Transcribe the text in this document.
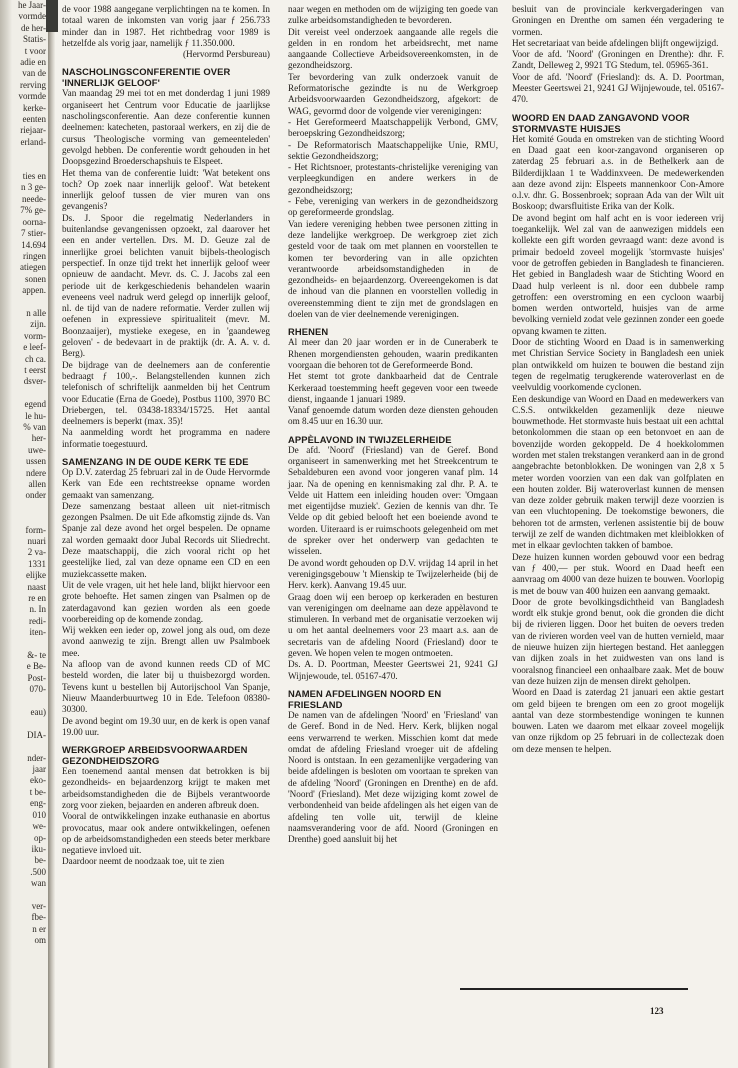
he Jaar-
vormde
de her-
Statis-
t voor
adie en
van de
rerving
vormde
kerke-
eenten
riejaar-
erland-
ties en
n 3 ge-
neede-
7% ge-
oorna-
7 stier-
14.694
ringen
atiegen
sonen
appen.
n alle
zijn.
vorm-
e leef-
ch ca.
t eerst
dsver-
egend
le hu-
% van
her-
uwe-
ussen
ndere
allen
onder
form-
nuari
2 va-
1331
elijke
naast
re en
n. In
redi-
iten-
&- te
e Be-
Post-
070-
eau)
DIA-
nder-
jaar
eko-
t be-
eng-
010
we-
op-
iku-
be-
.500
wan
ver-
fbe-
n er
om

de voor 1988 aangegane verplichtingen na te komen. In totaal waren de inkomsten van vorig jaar ƒ 256.733 minder dan in 1987. Het richtbedrag voor 1989 is hetzelfde als vorig jaar, namelijk ƒ 11.350.000.

(Hervormd Persbureau)

NASCHOLINGSCONFERENTIE OVER 'INNERLIJK GELOOF'

Van maandag 29 mei tot en met donderdag 1 juni 1989 organiseert het Centrum voor Educatie de jaarlijkse nascholingsconferentie. Aan deze conferentie kunnen deelnemen: katecheten, pastoraal werkers, en zij die de cursus 'Theologische vorming van gemeenteleden' gevolgd hebben. De conferentie wordt gehouden in het Doopsgezind Broederschapshuis te Elspeet.

Het thema van de conferentie luidt: 'Wat betekent ons toch? Op zoek naar innerlijk geloof'. Wat betekent innerlijk geloof tussen de vier muren van ons gevangenis?

Ds. J. Spoor die regelmatig Nederlanders in buitenlandse gevangenissen opzoekt, zal daarover het een en ander vertellen. Drs. M. D. Geuze zal de innerlijke groei belichten vanuit bijbels-theologisch perspectief. In onze tijd trekt het innerlijk geloof weer opnieuw de aandacht. Mevr. ds. C. J. Jacobs zal een periode uit de kerkgeschiedenis behandelen waarin eveneens veel nadruk werd gelegd op innerlijk geloof, nl. de tijd van de nadere reformatie. Verder zullen wij oefenen in expressieve spiritualiteit (mevr. M. Boonzaaijer), mystieke exegese, en in 'gaandeweg geloven' - de bedevaart in de praktijk (dr. A. A. v. d. Berg).

De bijdrage van de deelnemers aan de conferentie bedraagt ƒ 100,-. Belangstellenden kunnen zich telefonisch of schriftelijk aanmelden bij het Centrum voor Educatie (Erna de Goede), Postbus 1100, 3970 BC Driebergen, tel. 03438-18334/15725. Het aantal deelnemers is beperkt (max. 35)!

Na aanmelding wordt het programma en nadere informatie toegestuurd.

SAMENZANG IN DE OUDE KERK TE EDE

Op D.V. zaterdag 25 februari zal in de Oude Hervormde Kerk van Ede een rechtstreekse opname worden gemaakt van samenzang.

Deze samenzang bestaat alleen uit niet-ritmisch gezongen Psalmen. De uit Ede afkomstig zijnde ds. Van Spanje zal deze avond het orgel bespelen. De opname zal worden gemaakt door Jubal Records uit Sliedrecht. Deze maatschappij, die zich vooral richt op het geestelijke lied, zal van deze opname een CD en een muziekcassette maken.

Uit de vele vragen, uit het hele land, blijkt hiervoor een grote behoefte. Het samen zingen van Psalmen op de zaterdagavond kan gezien worden als een goede voorbereiding op de komende zondag.

Wij wekken een ieder op, zowel jong als oud, om deze avond aanwezig te zijn. Brengt allen uw Psalmboek mee.

Na afloop van de avond kunnen reeds CD of MC besteld worden, die later bij u thuisbezorgd worden. Tevens kunt u bestellen bij Autorijschool Van Spanje, Nieuw Maanderbuurtweg 10 in Ede. Telefoon 08380-30300.

De avond begint om 19.30 uur, en de kerk is open vanaf 19.00 uur.

WERKGROEP ARBEIDSVOORWAARDEN GEZONDHEIDSZORG

Een toenemend aantal mensen dat betrokken is bij gezondheids- en bejaardenzorg krijgt te maken met arbeidsomstandigheden die de Bijbels verantwoorde zorg voor zieken, bejaarden en anderen afbreuk doen.

Vooral de ontwikkelingen inzake euthanasie en abortus provocatus, maar ook andere ontwikkelingen, oefenen op de arbeidsomstandigheden een steeds beter merkbare negatieve invloed uit.

Daardoor neemt de noodzaak toe, uit te zien

naar wegen en methoden om de wijziging ten goede van zulke arbeidsomstandigheden te bevorderen.

Dit vereist veel onderzoek aangaande alle regels die gelden in en rondom het arbeidsrecht, met name aangaande Collectieve Arbeidsovereenkomsten, in de gezondheidszorg.

Ter bevordering van zulk onderzoek vanuit de Reformatorische gezindte is nu de Werkgroep Arbeidsvoorwaarden Gezondheidszorg, afgekort: de WAG, gevormd door de volgende vier verenigingen:

- Het Gereformeerd Maatschappelijk Verbond, GMV, beroepskring Gezondheidszorg;

- De Reformatorisch Maatschappelijke Unie, RMU, sektie Gezondheidszorg;

- Het Richtsnoer, protestants-christelijke vereniging van verpleegkundigen en andere werkers in de gezondheidszorg;

- Febe, vereniging van werkers in de gezondheidszorg op gereformeerde grondslag.

Van iedere vereniging hebben twee personen zitting in deze landelijke werkgroep. De werkgroep ziet zich gesteld voor de taak om met plannen en voorstellen te komen ter bevordering van in alle opzichten verantwoorde arbeidsomstandigheden in de gezondheids- en bejaardenzorg. Overeengekomen is dat de inhoud van die plannen en voorstellen volledig in overeenstemming dient te zijn met de grondslagen en doelen van de vier deelnemende verenigingen.

RHENEN

Al meer dan 20 jaar worden er in de Cuneraberk te Rhenen morgendiensten gehouden, waarin predikanten voorgaan die behoren tot de Gereformeerde Bond.

Het stemt tot grote dankbaarheid dat de Centrale Kerkeraad toestemming heeft gegeven voor een tweede dienst, ingaande 1 januari 1989.

Vanaf genoemde datum worden deze diensten gehouden om 8.45 uur en 16.30 uur.

APPÈLAVOND IN TWIJZELERHEIDE

De afd. 'Noord' (Friesland) van de Geref. Bond organiseert in samenwerking met het Streekcentrum te Sebaldeburen een avond voor jongeren vanaf plm. 14 jaar. Na de opening en kennismaking zal dhr. P. A. te Velde uit Hattem een inleiding houden over: 'Omgaan met eigentijdse muziek'. Gezien de kennis van dhr. Te Velde op dit gebied belooft het een boeiende avond te worden. Uiteraard is er ruimschoots gelegenheid om met de spreker over het onderwerp van gedachten te wisselen.

De avond wordt gehouden op D.V. vrijdag 14 april in het verenigingsgebouw 't Mienskip te Twijzelerheide (bij de Herv. kerk). Aanvang 19.45 uur.

Graag doen wij een beroep op kerkeraden en besturen van verenigingen om deelname aan deze appèlavond te stimuleren. In verband met de organisatie verzoeken wij u om het aantal deelnemers voor 23 maart a.s. aan de secretaris van de afdeling Noord (Friesland) door te geven. We hopen velen te mogen ontmoeten.

Ds. A. D. Poortman, Meester Geertswei 21, 9241 GJ Wijnjewoude, tel. 05167-470.

NAMEN AFDELINGEN NOORD EN FRIESLAND

De namen van de afdelingen 'Noord' en 'Friesland' van de Geref. Bond in de Ned. Herv. Kerk, blijken nogal eens verwarrend te werken. Misschien komt dat mede omdat de afdeling Friesland vroeger uit de afdeling Noord is ontstaan. In een gezamenlijke vergadering van beide afdelingen is besloten om voortaan te spreken van de afdeling 'Noord' (Groningen en Drenthe) en de afd. 'Noord' (Friesland). Met deze wijziging komt zowel de verbondenheid van beide afdelingen als het eigen van de afdeling ten volle uit, terwijl de kleine naamsverandering voor de afd. Noord (Groningen en Drenthe) goed aansluit bij het

besluit van de provinciale kerkvergaderingen van Groningen en Drenthe om samen één vergadering te vormen.

Het secretariaat van beide afdelingen blijft ongewijzigd.

Voor de afd. 'Noord' (Groningen en Drenthe): dhr. F. Zandt, Delleweg 2, 9921 TG Stedum, tel. 05965-361.

Voor de afd. 'Noord' (Friesland): ds. A. D. Poortman, Meester Geertswei 21, 9241 GJ Wijnjewoude, tel. 05167-470.

WOORD EN DAAD ZANGAVOND VOOR STORMVASTE HUISJES

Het komité Gouda en omstreken van de stichting Woord en Daad gaat een koor-zangavond organiseren op zaterdag 25 februari a.s. in de Bethelkerk aan de Bilderdijklaan 1 te Waddinxveen. De medewerkenden aan deze avond zijn: Elspeets mannenkoor Con-Amore o.l.v. dhr. G. Bossenbroek; sopraan Ada van der Wilt uit Boskoop; dwarsfluitiste Erika van der Kolk.

De avond begint om half acht en is voor iedereen vrij toegankelijk. Wel zal van de aanwezigen middels een kollekte een gift worden gevraagd want: deze avond is primair bedoeld zoveel mogelijk 'stormvaste huisjes' voor de getroffen gebieden in Bangladesh te financieren. Het gebied in Bangladesh waar de Stichting Woord en Daad hulp verleent is nl. door een dubbele ramp getroffen: een overstroming en een cycloon waarbij bomen werden ontworteld, huisjes van de arme bevolking vernield zodat vele gezinnen zonder een goede opvang kwamen te zitten.

Door de stichting Woord en Daad is in samenwerking met Christian Service Society in Bangladesh een uniek plan ontwikkeld om huizen te bouwen die bestand zijn tegen de regelmatig terugkerende wateroverlast en de veelvuldig voorkomende cyclonen.

Een deskundige van Woord en Daad en medewerkers van C.S.S. ontwikkelden gezamenlijk deze nieuwe bouwmethode. Het stormvaste huis bestaat uit een achttal betonkolommen die staan op een betonvoet en aan de bovenzijde worden gekoppeld. De 4 hoekkolommen worden met stalen trekstangen verankerd aan in de grond aangebrachte betonblokken. De woningen van 2,8 x 5 meter worden voorzien van een dak van golfplaten en een houten zolder. Bij wateroverlast kunnen de mensen van deze zolder gebruik maken terwijl deze voorzien is van een vluchtopening. De toekomstige bewoners, die behoren tot de armsten, verlenen assistentie bij de bouw terwijl ze zelf de wanden dichtmaken met kleiblokken of met in elkaar gevlochten takken of bamboe.

Deze huizen kunnen worden gebouwd voor een bedrag van ƒ 400,— per stuk. Woord en Daad heeft een aanvraag om 4000 van deze huizen te bouwen. Voorlopig is met de bouw van 400 huizen een aanvang gemaakt.

Door de grote bevolkingsdichtheid van Bangladesh wordt elk stukje grond benut, ook die gronden die dicht bij de rivieren liggen. Door het buiten de oevers treden van de rivieren worden veel van de hutten vernield, maar de nieuwe huizen zijn hiertegen bestand. Het aanleggen van dijken zoals in het zuidwesten van ons land is vooralsnog financieel een onhaalbare zaak. Met de bouw van deze huizen zijn de mensen direkt geholpen.

Woord en Daad is zaterdag 21 januari een aktie gestart om geld bijeen te brengen om een zo groot mogelijk aantal van deze stormbestendige woningen te kunnen bouwen. Laten we daarom met elkaar zoveel mogelijk van onze rijkdom op 25 februari in de collectezak doen om deze mensen te helpen.

123
